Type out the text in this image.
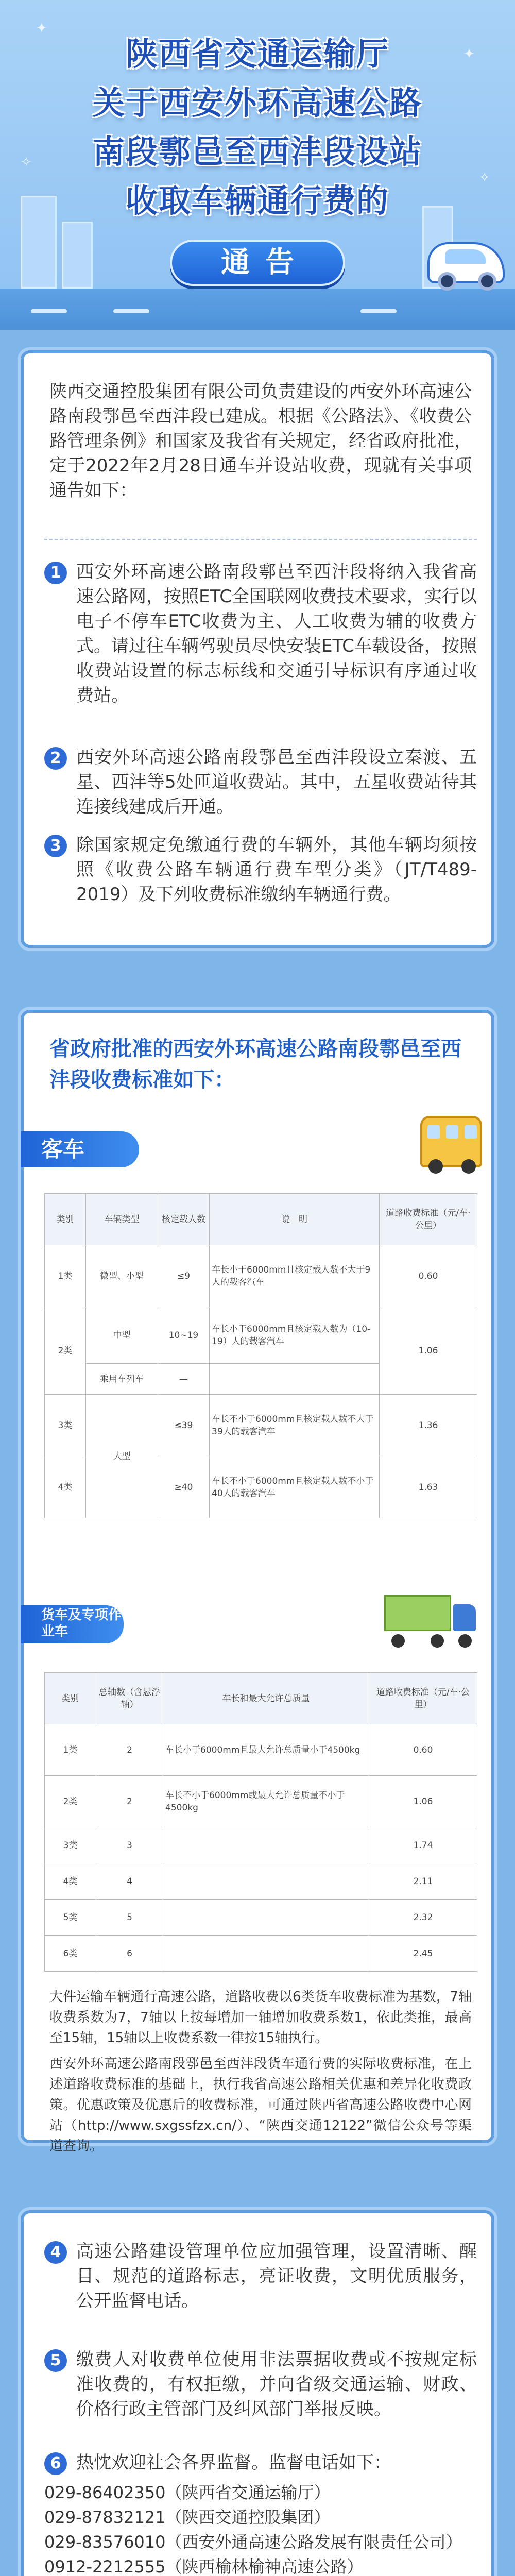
✦
✦
✧
✧
陕西省交通运输厅
关于西安外环高速公路
南段鄠邑至西沣段设站
收取车辆通行费的
通告
陕西交通控股集团有限公司负责建设的西安外环高速公路南段鄠邑至西沣段已建成。根据《公路法》、《收费公路管理条例》和国家及我省有关规定，经省政府批准，定于2022年2月28日通车并设站收费，现就有关事项通告如下：
1 西安外环高速公路南段鄠邑至西沣段将纳入我省高速公路网，按照ETC全国联网收费技术要求，实行以电子不停车ETC收费为主、人工收费为辅的收费方式。请过往车辆驾驶员尽快安装ETC车载设备，按照收费站设置的标志标线和交通引导标识有序通过收费站。
2 西安外环高速公路南段鄠邑至西沣段设立秦渡、五星、西沣等5处匝道收费站。其中，五星收费站待其连接线建成后开通。
3 除国家规定免缴通行费的车辆外，其他车辆均须按照《收费公路车辆通行费车型分类》（JT/T489-2019）及下列收费标准缴纳车辆通行费。
省政府批准的西安外环高速公路南段鄠邑至西沣段收费标准如下：
客车
类别	车辆类型	核定载人数	说　明	道路收费标准（元/车·公里）
1类	微型、小型	≤9	车长小于6000mm且核定载人数不大于9人的载客汽车	0.60
2类	中型	10~19	车长小于6000mm且核定载人数为（10-19）人的载客汽车	1.06
	乘用车列车	—		
3类	大型	≤39	车长不小于6000mm且核定载人数不大于39人的载客汽车	1.36
4类		≥40	车长不小于6000mm且核定载人数不小于40人的载客汽车	1.63
货车及专项作业车
类别	总轴数（含悬浮轴）	车长和最大允许总质量	道路收费标准（元/车·公里）
1类	2	车长小于6000mm且最大允许总质量小于4500kg	0.60
2类	2	车长不小于6000mm或最大允许总质量不小于4500kg	1.06
3类	3		1.74
4类	4		2.11
5类	5		2.32
6类	6		2.45
大件运输车辆通行高速公路，道路收费以6类货车收费标准为基数，7轴收费系数为7，7轴以上按每增加一轴增加收费系数1，依此类推，最高至15轴，15轴以上收费系数一律按15轴执行。
西安外环高速公路南段鄠邑至西沣段货车通行费的实际收费标准，在上述道路收费标准的基础上，执行我省高速公路相关优惠和差异化收费政策。优惠政策及优惠后的收费标准，可通过陕西省高速公路收费中心网站（http://www.sxgssfzx.cn/）、“陕西交通12122”微信公众号等渠道查询。
4 高速公路建设管理单位应加强管理，设置清晰、醒目、规范的道路标志，亮证收费，文明优质服务，公开监督电话。
5 缴费人对收费单位使用非法票据收费或不按规定标准收费的，有权拒缴，并向省级交通运输、财政、价格行政主管部门及纠风部门举报反映。
6 热忱欢迎社会各界监督。监督电话如下：
029-86402350（陕西省交通运输厅）
029-87832121（陕西交通控股集团）
029-83576010（西安外通高速公路发展有限责任公司）
0912-2212555（陕西榆林榆神高速公路）
